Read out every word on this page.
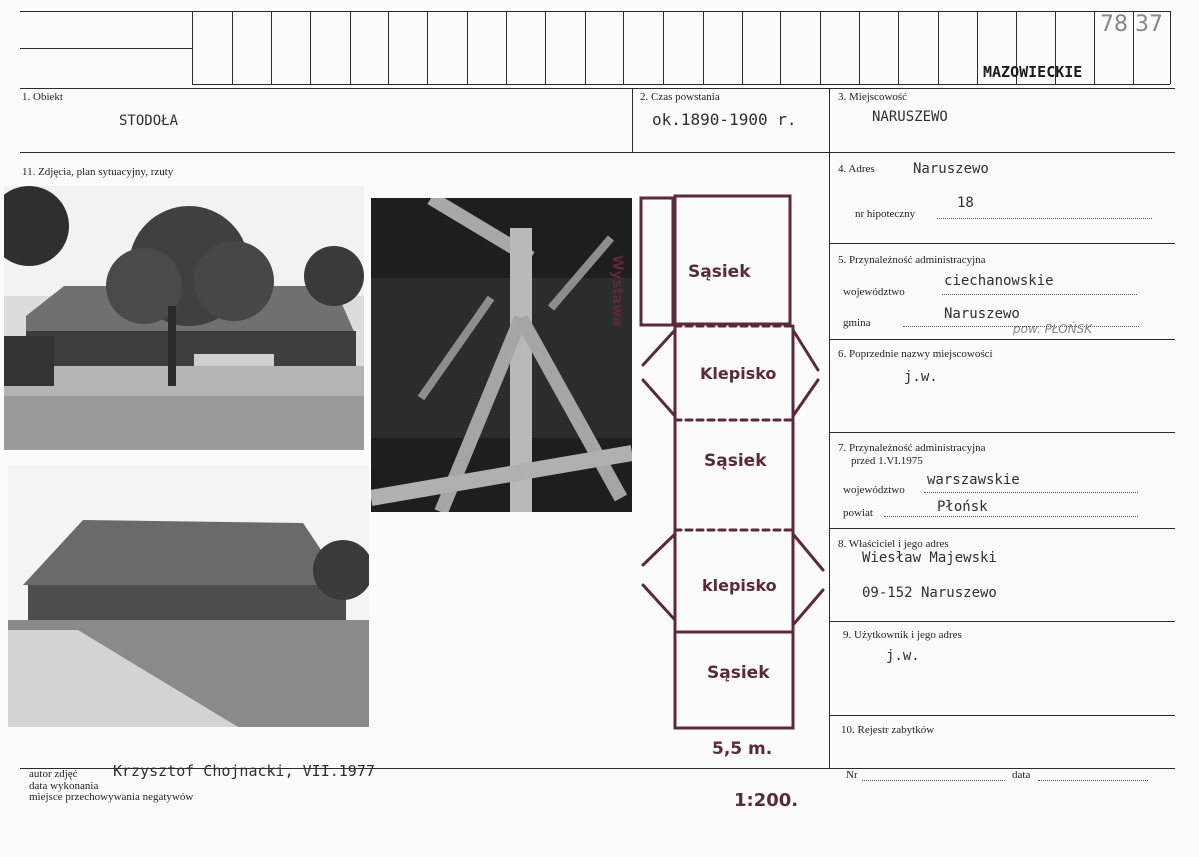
MAZOWIECKIE
78 37
1. Obiekt
STODOŁA
2. Czas powstania
ok.1890-1900 r.
3. Miejscowość
NARUSZEWO
11. Zdjęcia, plan sytuacyjny, rzuty	4. Adres	Naruszewo
nr hipoteczny
18
5. Przynależność administracyjna
województwo
ciechanowskie
gmina
Naruszewo
pow. PŁOŃSK
6. Poprzednie nazwy miejscowości
j.w.
7. Przynależność administracyjna
przed 1.VI.1975
województwo
warszawskie
powiat	Płońsk
8. Właściciel i jego adres
Wiesław Majewski
09-152 Naruszewo
9. Użytkownik i jego adres
j.w.
10. Rejestr zabytków
Nr	data
autor zdjęć Krzysztof Chojnacki, VII.1977
data wykonania
miejsce przechowywania negatywów
Wystawa	Sąsiek
Klepisko
Sąsiek
klepisko
Sąsiek
5,5 m.
1:200.
